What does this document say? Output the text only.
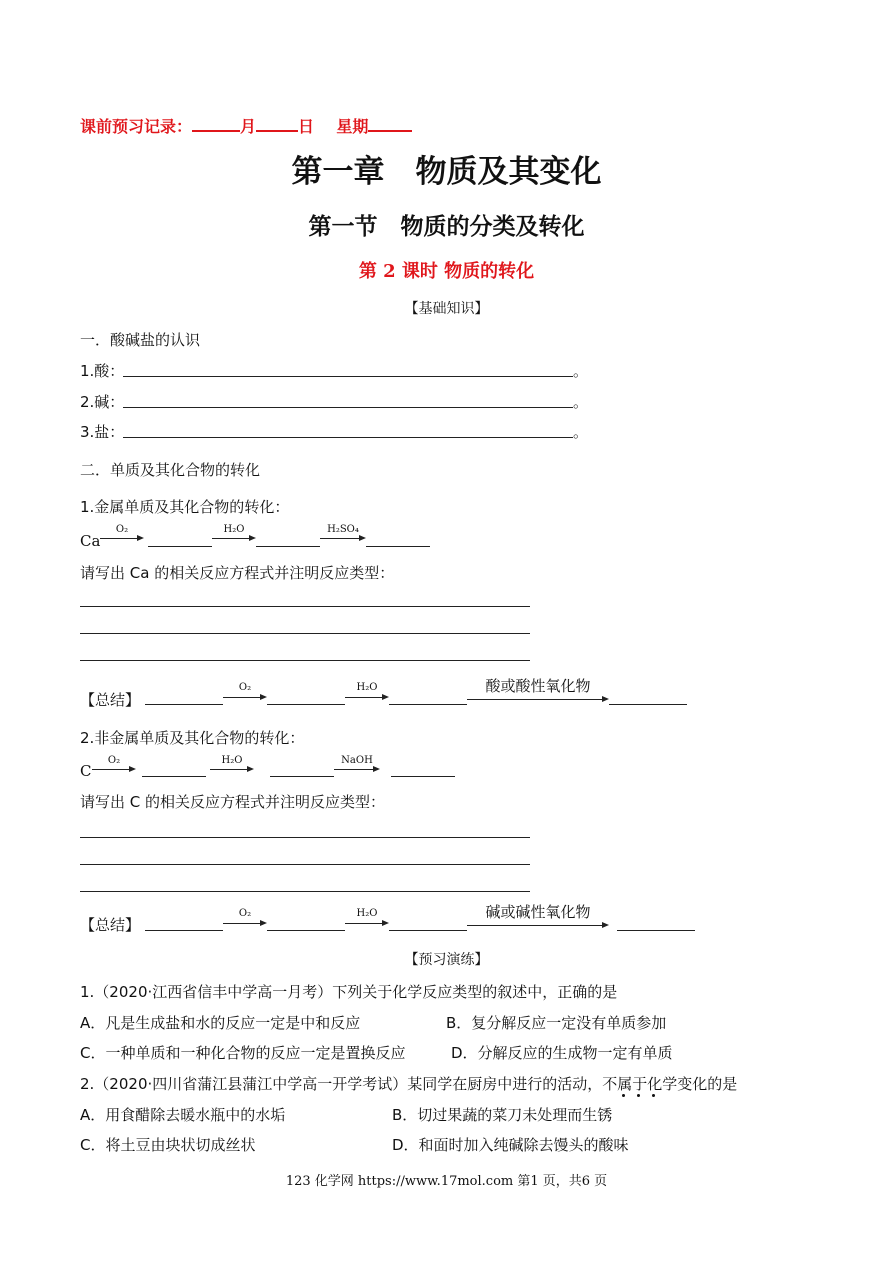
课前预习记录：	月	日 星期
第一章　物质及其变化
第一节　物质的分类及转化
第 2 课时 物质的转化
【基础知识】
一．酸碱盐的认识
1.酸：	。
2.碱：	。
3.盐：	。
二．单质及其化合物的转化
1.金属单质及其化合物的转化：
Ca
O₂	H₂O	H₂SO₄
请写出 Ca 的相关反应方程式并注明反应类型：
【总结】
O₂	H₂O	酸或酸性氧化物
2.非金属单质及其化合物的转化：
C
O₂	H₂O	NaOH
请写出 C 的相关反应方程式并注明反应类型：
【总结】
O₂	H₂O	碱或碱性氧化物
【预习演练】
1.（2020·江西省信丰中学高一月考）下列关于化学反应类型的叙述中，正确的是
A．凡是生成盐和水的反应一定是中和反应	B．复分解反应一定没有单质参加
C．一种单质和一种化合物的反应一定是置换反应	D．分解反应的生成物一定有单质
2.（2020·四川省蒲江县蒲江中学高一开学考试）某同学在厨房中进行的活动，不属于化学变化的是
A．用食醋除去暖水瓶中的水垢	B．切过果蔬的菜刀未处理而生锈
C．将土豆由块状切成丝状	D．和面时加入纯碱除去馒头的酸味
123 化学网 https://www.17mol.com 第1 页，共6 页
